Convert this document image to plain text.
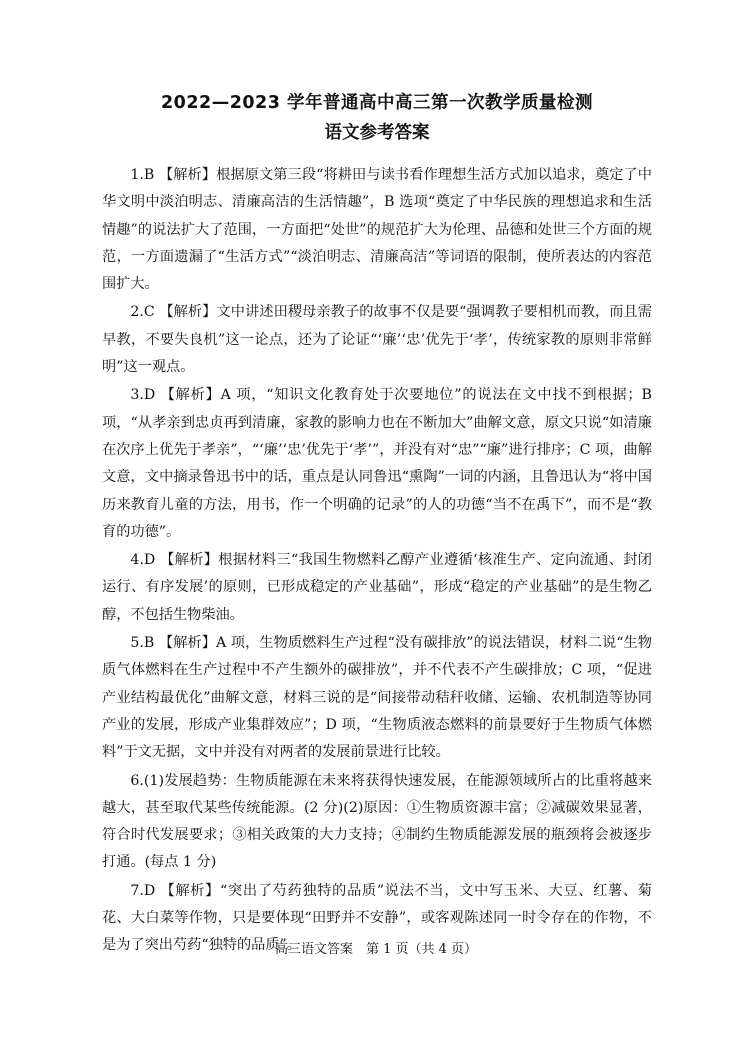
2022—2023 学年普通高中高三第一次教学质量检测
语文参考答案

1.B 【解析】根据原文第三段“将耕田与读书看作理想生活方式加以追求，奠定了中华文明中淡泊明志、清廉高洁的生活情趣”，B 选项“奠定了中华民族的理想追求和生活情趣”的说法扩大了范围，一方面把“处世”的规范扩大为伦理、品德和处世三个方面的规范，一方面遗漏了“生活方式”“淡泊明志、清廉高洁”等词语的限制，使所表达的内容范围扩大。

2.C 【解析】文中讲述田稷母亲教子的故事不仅是要“强调教子要相机而教，而且需早教，不要失良机”这一论点，还为了论证“‘廉’‘忠’优先于‘孝’，传统家教的原则非常鲜明”这一观点。

3.D 【解析】A 项，“知识文化教育处于次要地位”的说法在文中找不到根据；B 项，“从孝亲到忠贞再到清廉，家教的影响力也在不断加大”曲解文意，原文只说“如清廉在次序上优先于孝亲”，“‘廉’‘忠’优先于‘孝’”，并没有对“忠”“廉”进行排序；C 项，曲解文意，文中摘录鲁迅书中的话，重点是认同鲁迅“熏陶”一词的内涵，且鲁迅认为“将中国历来教育儿童的方法，用书，作一个明确的记录”的人的功德“当不在禹下”，而不是“教育的功德”。

4.D 【解析】根据材料三“我国生物燃料乙醇产业遵循‘核准生产、定向流通、封闭运行、有序发展’的原则，已形成稳定的产业基础”，形成“稳定的产业基础”的是生物乙醇，不包括生物柴油。

5.B 【解析】A 项，生物质燃料生产过程“没有碳排放”的说法错误，材料二说“生物质气体燃料在生产过程中不产生额外的碳排放”，并不代表不产生碳排放；C 项，“促进产业结构最优化”曲解文意，材料三说的是“间接带动秸秆收储、运输、农机制造等协同产业的发展，形成产业集群效应”；D 项，“生物质液态燃料的前景要好于生物质气体燃料”于文无据，文中并没有对两者的发展前景进行比较。

6.(1)发展趋势：生物质能源在未来将获得快速发展，在能源领域所占的比重将越来越大，甚至取代某些传统能源。(2 分)(2)原因：①生物质资源丰富；②减碳效果显著，符合时代发展要求；③相关政策的大力支持；④制约生物质能源发展的瓶颈将会被逐步打通。(每点 1 分)

7.D 【解析】“突出了芍药独特的品质”说法不当，文中写玉米、大豆、红薯、菊花、大白菜等作物，只是要体现“田野并不安静”，或客观陈述同一时令存在的作物，不是为了突出芍药“独特的品质”。

高三语文答案　第 1 页（共 4 页）
